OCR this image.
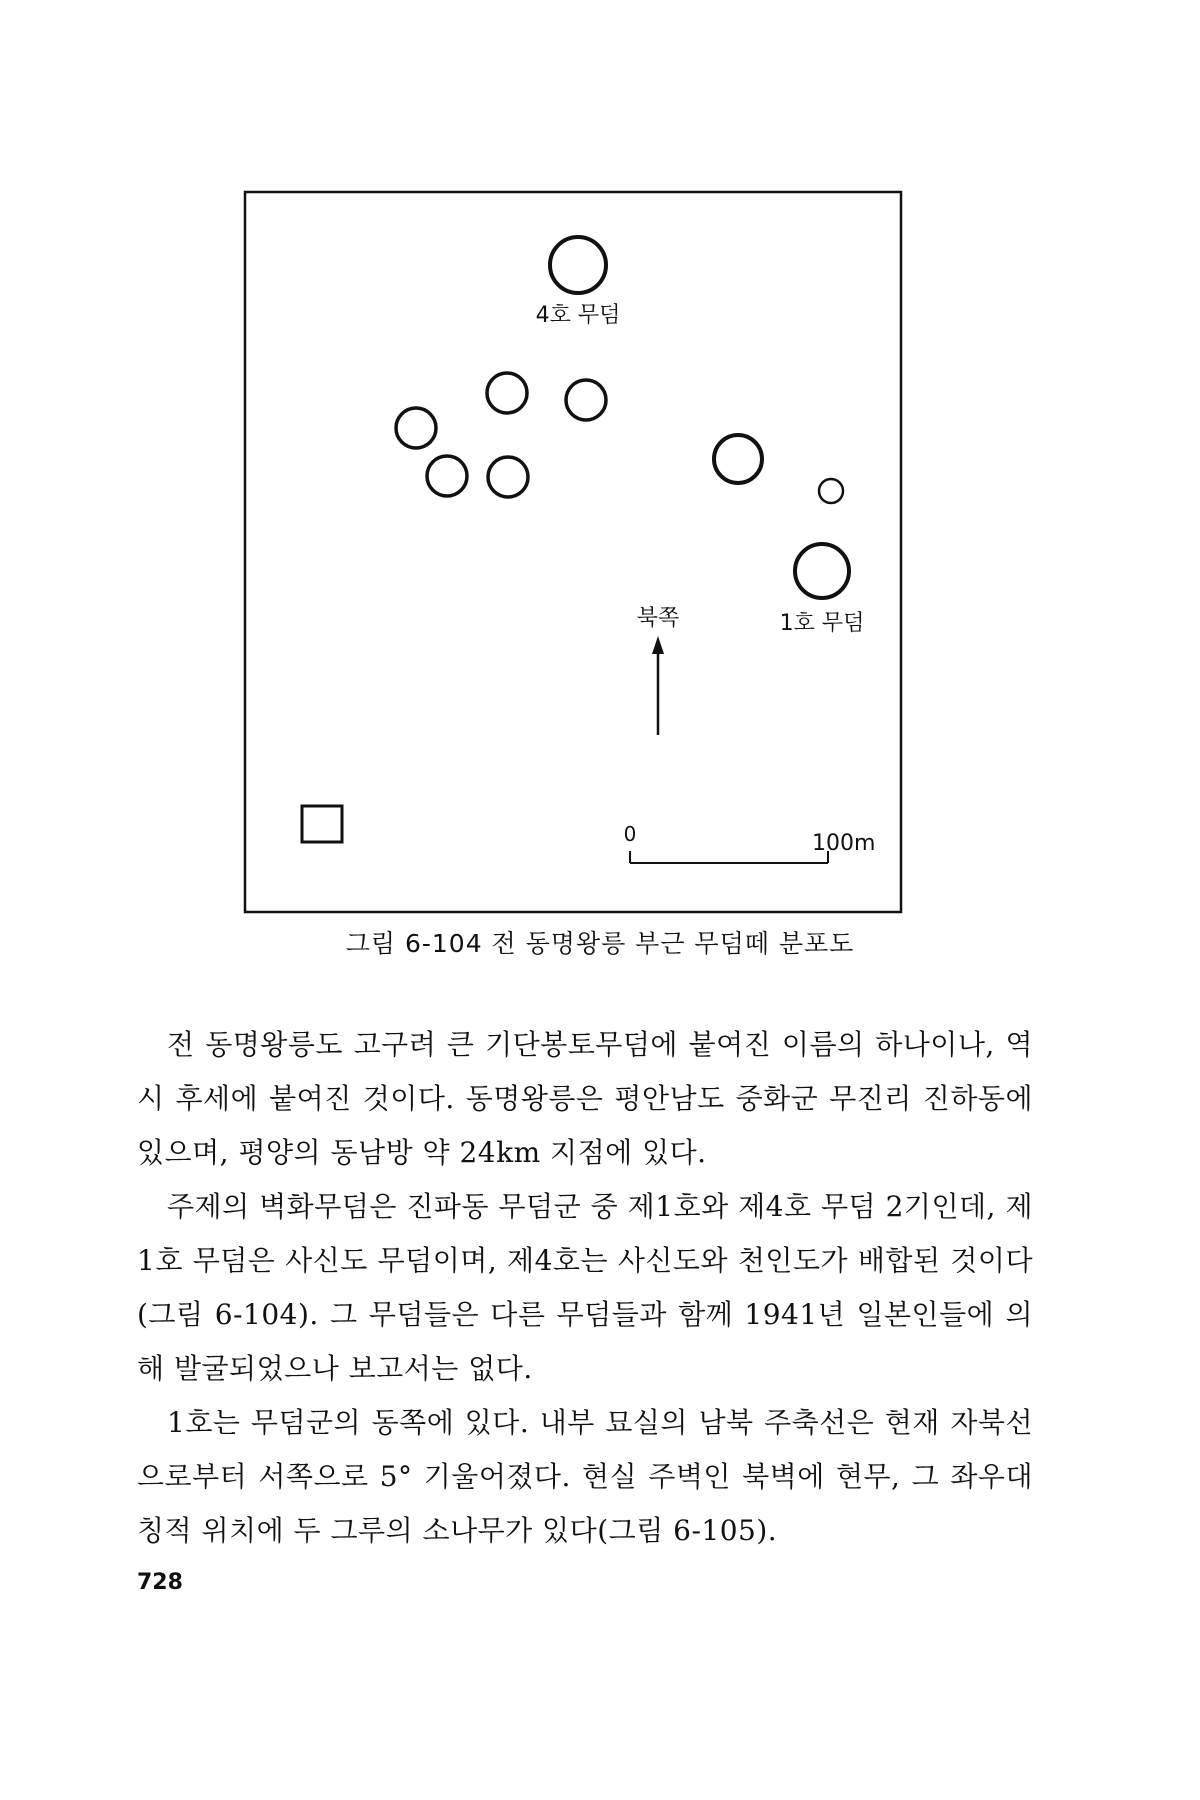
4호 무덤
1호 무덤
북쪽
0	100m
그림 6-104 전 동명왕릉 부근 무덤떼 분포도

전 동명왕릉도 고구려 큰 기단봉토무덤에 붙여진 이름의 하나이나, 역시 후세에 붙여진 것이다. 동명왕릉은 평안남도 중화군 무진리 진하동에 있으며, 평양의 동남방 약 24km 지점에 있다.

주제의 벽화무덤은 진파동 무덤군 중 제1호와 제4호 무덤 2기인데, 제1호 무덤은 사신도 무덤이며, 제4호는 사신도와 천인도가 배합된 것이다(그림 6-104). 그 무덤들은 다른 무덤들과 함께 1941년 일본인들에 의해 발굴되었으나 보고서는 없다.

1호는 무덤군의 동쪽에 있다. 내부 묘실의 남북 주축선은 현재 자북선으로부터 서쪽으로 5° 기울어졌다. 현실 주벽인 북벽에 현무, 그 좌우대칭적 위치에 두 그루의 소나무가 있다(그림 6-105).

728
